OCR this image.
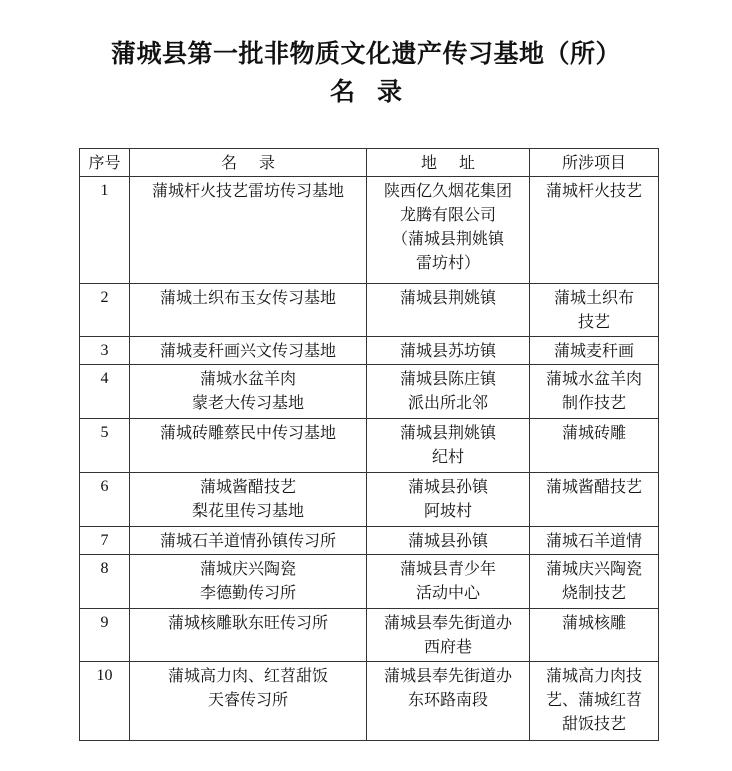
蒲城县第一批非物质文化遗产传习基地（所）
名录
序号	名录	地址	所涉项目
1	蒲城杆火技艺雷坊传习基地	陕西亿久烟花集团
龙腾有限公司
（蒲城县荆姚镇
雷坊村）	蒲城杆火技艺
2	蒲城土织布玉女传习基地	蒲城县荆姚镇	蒲城土织布
技艺
3	蒲城麦秆画兴文传习基地	蒲城县苏坊镇	蒲城麦秆画
4	蒲城水盆羊肉
蒙老大传习基地	蒲城县陈庄镇
派出所北邻	蒲城水盆羊肉
制作技艺
5	蒲城砖雕蔡民中传习基地	蒲城县荆姚镇
纪村	蒲城砖雕
6	蒲城酱醋技艺
梨花里传习基地	蒲城县孙镇
阿坡村	蒲城酱醋技艺
7	蒲城石羊道情孙镇传习所	蒲城县孙镇	蒲城石羊道情
8	蒲城庆兴陶瓷
李德勤传习所	蒲城县青少年
活动中心	蒲城庆兴陶瓷
烧制技艺
9	蒲城核雕耿东旺传习所	蒲城县奉先街道办
西府巷	蒲城核雕
10	蒲城高力肉、红苕甜饭
天睿传习所	蒲城县奉先街道办
东环路南段	蒲城高力肉技
艺、蒲城红苕
甜饭技艺
